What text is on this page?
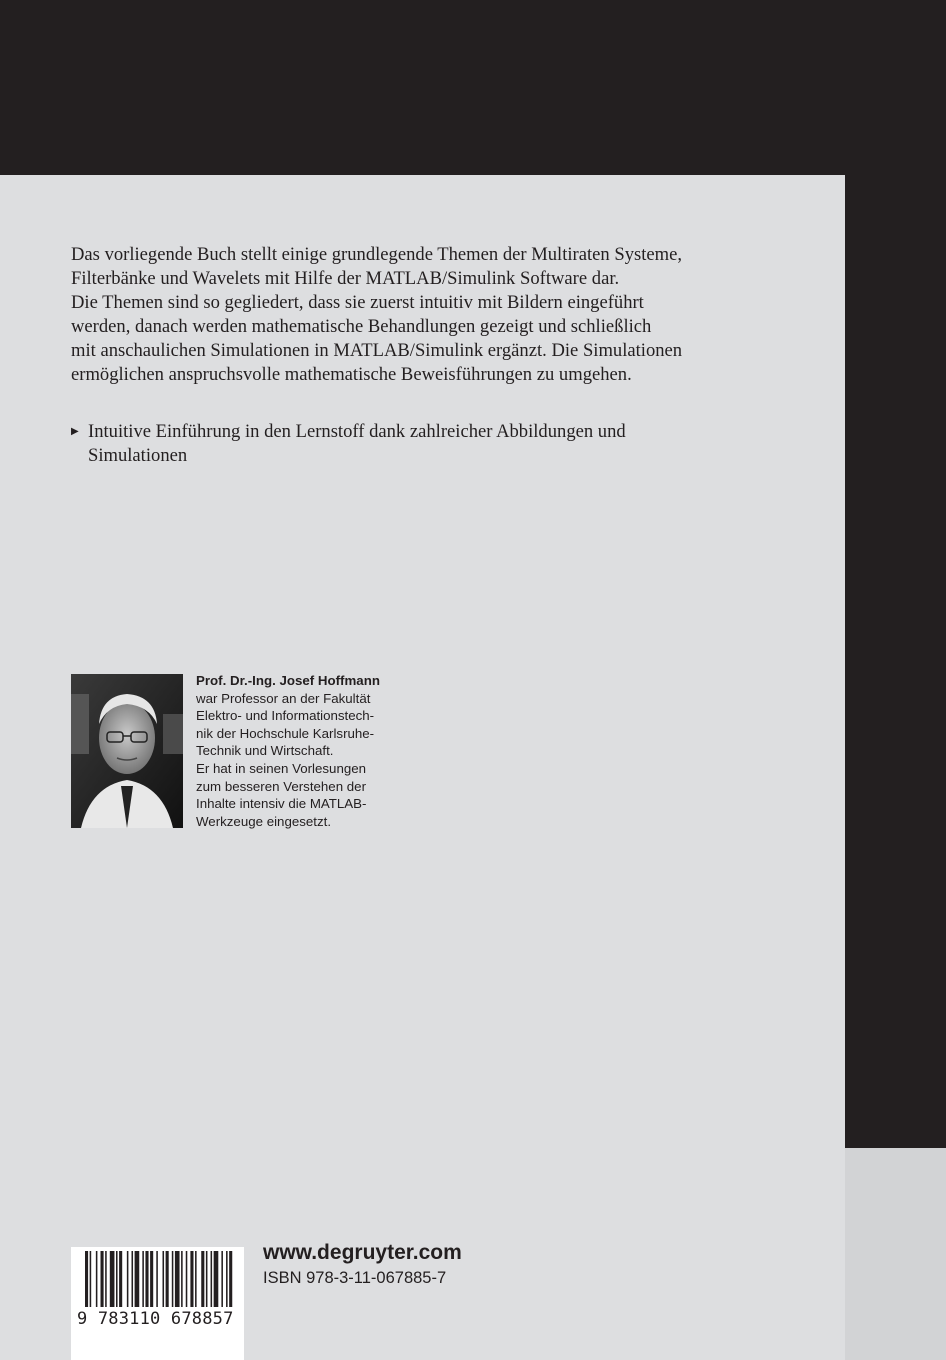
Das vorliegende Buch stellt einige grundlegende Themen der Multiraten Systeme,
Filterbänke und Wavelets mit Hilfe der MATLAB/Simulink Software dar.
Die Themen sind so gegliedert, dass sie zuerst intuitiv mit Bildern eingeführt
werden, danach werden mathematische Behandlungen gezeigt und schließlich
mit anschaulichen Simulationen in MATLAB/Simulink ergänzt. Die Simulationen
ermöglichen anspruchsvolle mathematische Beweisführungen zu umgehen.

▶ Intuitive Einführung in den Lernstoff dank zahlreicher Abbildungen und
Simulationen
Prof. Dr.-Ing. Josef Hoffmann
war Professor an der Fakultät
Elektro- und Informationstech-
nik der Hochschule Karlsruhe-
Technik und Wirtschaft.
Er hat in seinen Vorlesungen
zum besseren Verstehen der
Inhalte intensiv die MATLAB-
Werkzeuge eingesetzt.
9 783110 678857
www.degruyter.com
ISBN 978-3-11-067885-7
